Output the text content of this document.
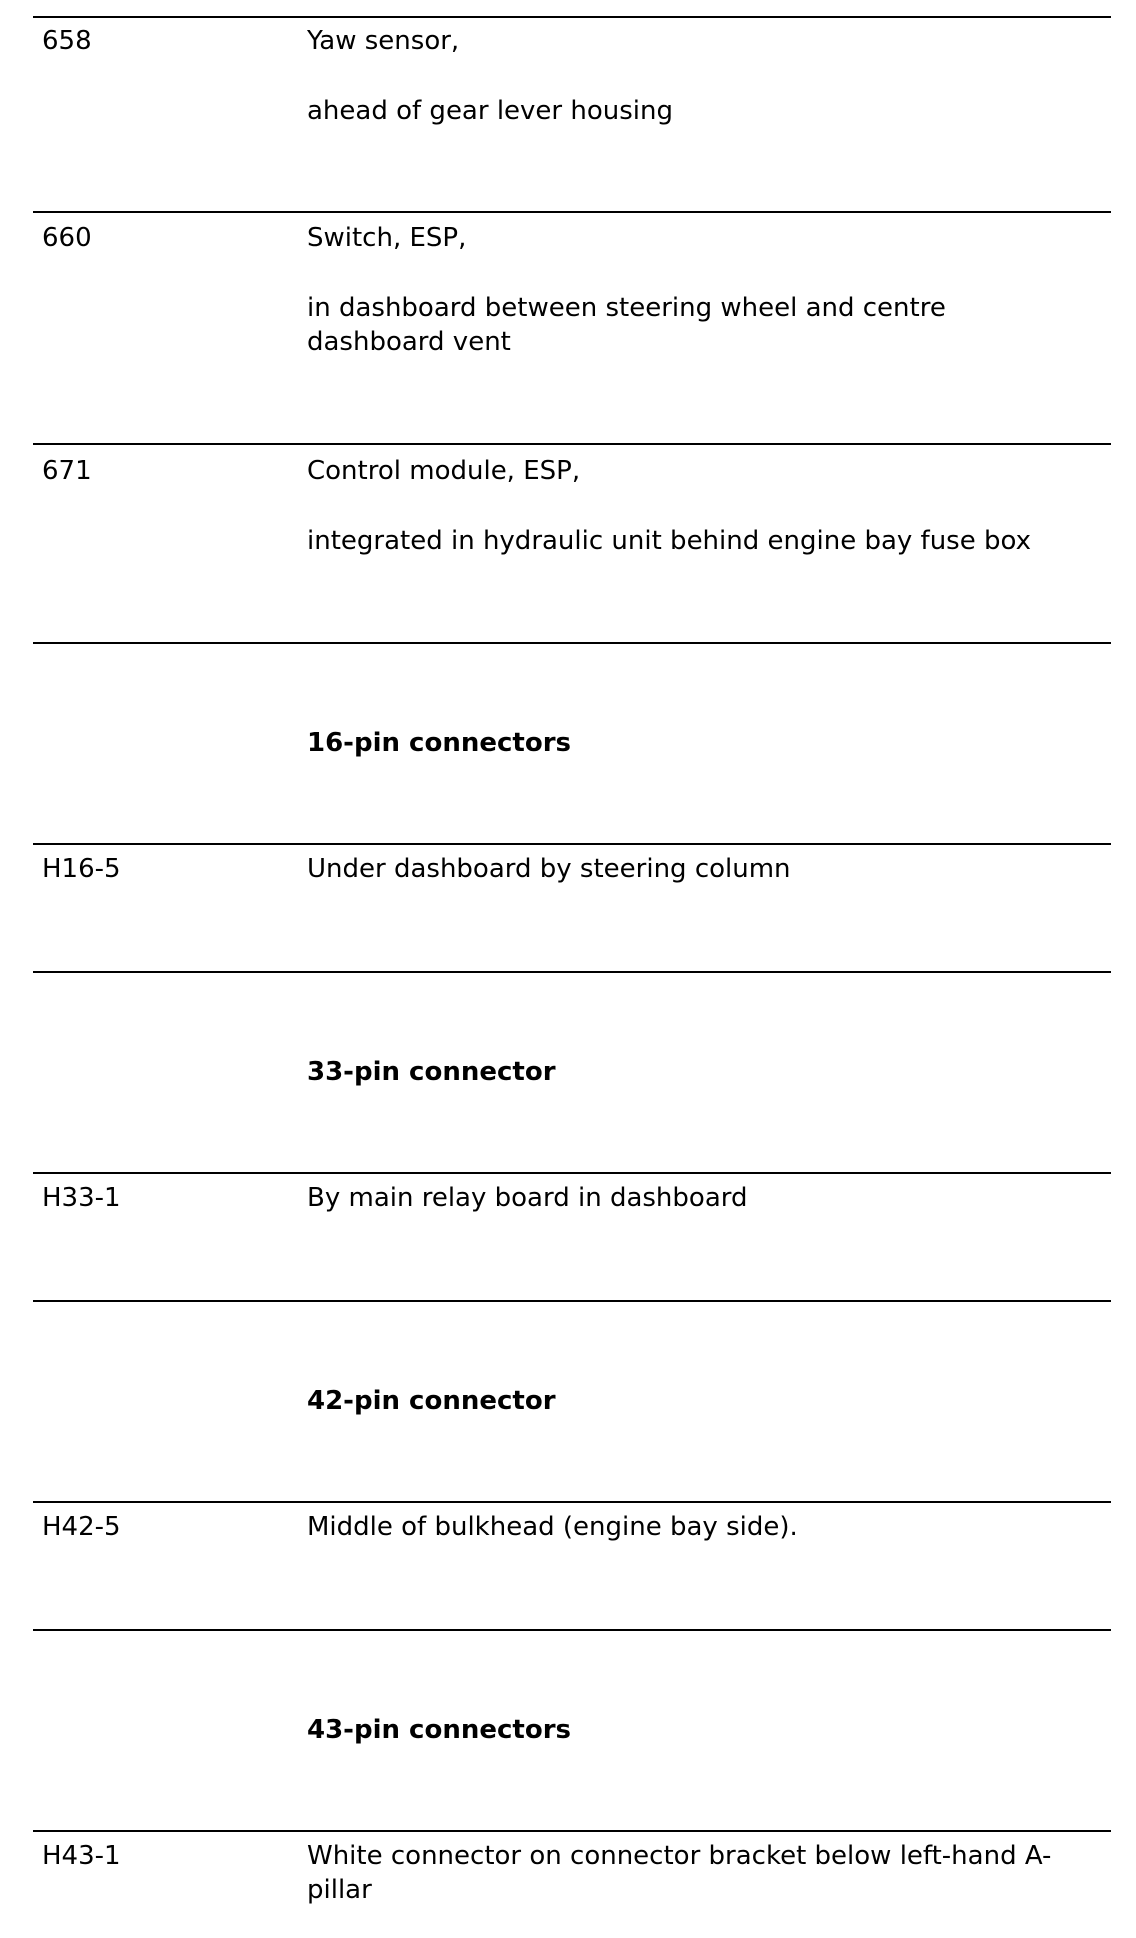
658	Yaw sensor,
ahead of gear lever housing
660	Switch, ESP,
in dashboard between steering wheel and centre dashboard vent
671	Control module, ESP,
integrated in hydraulic unit behind engine bay fuse box
16-pin connectors
H16-5	Under dashboard by steering column
33-pin connector
H33-1	By main relay board in dashboard
42-pin connector
H42-5	Middle of bulkhead (engine bay side).
43-pin connectors
H43-1	White connector on connector bracket below left-hand A-pillar
